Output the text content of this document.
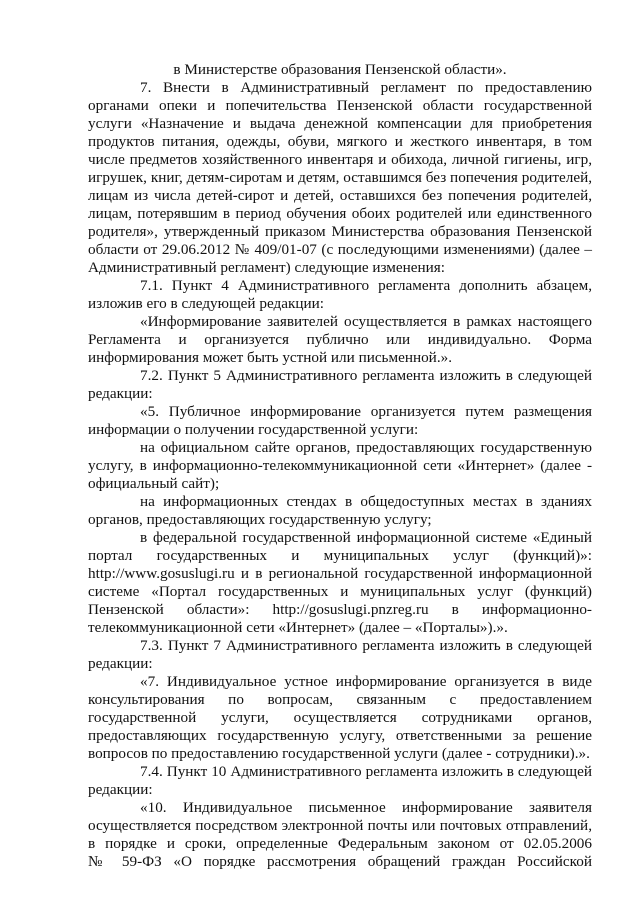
в Министерстве образования Пензенской области».
7. Внести в Административный регламент по предоставлению
органами опеки и попечительства Пензенской области государственной
услуги «Назначение и выдача денежной компенсации для приобретения
продуктов питания, одежды, обуви, мягкого и жесткого инвентаря, в том
числе предметов хозяйственного инвентаря и обихода, личной гигиены, игр,
игрушек, книг, детям-сиротам и детям, оставшимся без попечения родителей,
лицам из числа детей-сирот и детей, оставшихся без попечения родителей,
лицам, потерявшим в период обучения обоих родителей или единственного
родителя», утвержденный приказом Министерства образования Пензенской
области от 29.06.2012 № 409/01-07 (с последующими изменениями) (далее –
Административный регламент) следующие изменения:
7.1. Пункт 4 Административного регламента дополнить абзацем,
изложив его в следующей редакции:
«Информирование заявителей осуществляется в рамках настоящего
Регламента и организуется публично или индивидуально. Форма
информирования может быть устной или письменной.».
7.2. Пункт 5 Административного регламента изложить в следующей
редакции:
«5. Публичное информирование организуется путем размещения
информации о получении государственной услуги:
на официальном сайте органов, предоставляющих государственную
услугу, в информационно-телекоммуникационной сети «Интернет» (далее -
официальный сайт);
на информационных стендах в общедоступных местах в зданиях
органов, предоставляющих государственную услугу;
в федеральной государственной информационной системе «Единый
портал государственных и муниципальных услуг (функций)»:
http://www.gosuslugi.ru и в региональной государственной информационной
системе «Портал государственных и муниципальных услуг (функций)
Пензенской области»: http://gosuslugi.pnzreg.ru в информационно-
телекоммуникационной сети «Интернет» (далее – «Порталы»).».
7.3. Пункт 7 Административного регламента изложить в следующей
редакции:
«7. Индивидуальное устное информирование организуется в виде
консультирования по вопросам, связанным с предоставлением
государственной услуги, осуществляется сотрудниками органов,
предоставляющих государственную услугу, ответственными за решение
вопросов по предоставлению государственной услуги (далее - сотрудники).».
7.4. Пункт 10 Административного регламента изложить в следующей
редакции:
«10. Индивидуальное письменное информирование заявителя
осуществляется посредством электронной почты или почтовых отправлений,
в порядке и сроки, определенные Федеральным законом от 02.05.2006
№ 59-ФЗ «О порядке рассмотрения обращений граждан Российской
